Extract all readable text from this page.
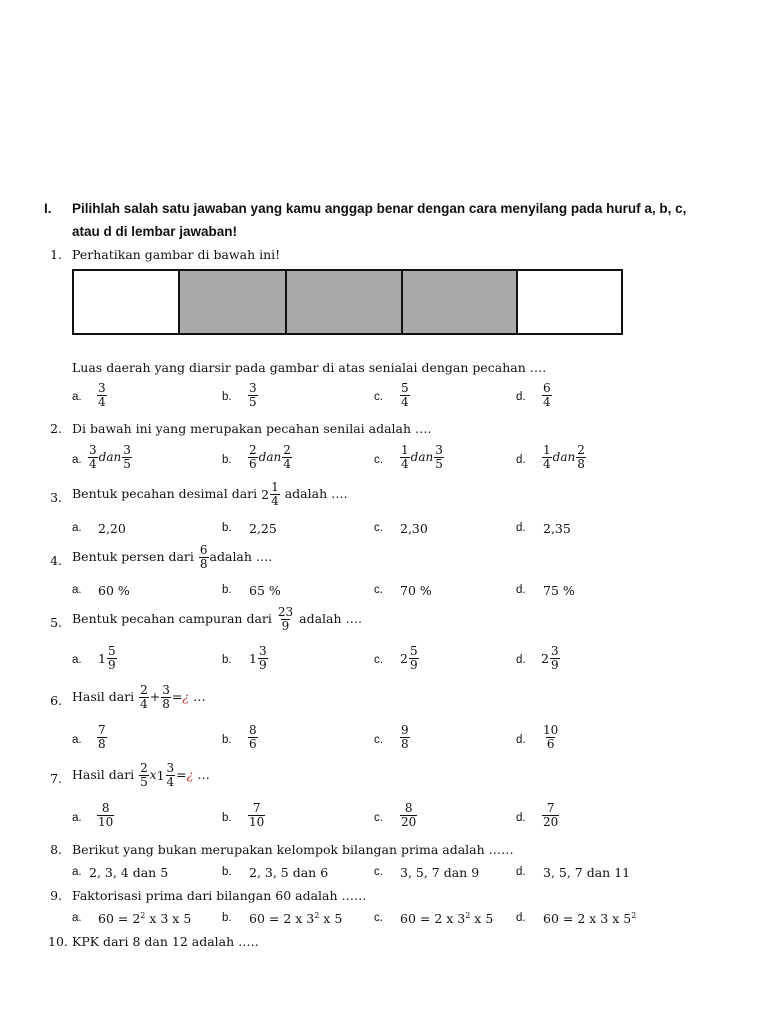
I. Pilihlah salah satu jawaban yang kamu anggap benar dengan cara menyilang pada huruf a, b, c,
atau d di lembar jawaban!
1. Perhatikan gambar di bawah ini!
Luas daerah yang diarsir pada gambar di atas senialai dengan pecahan ….
a. $\frac{3}{4}$	b. $\frac{3}{5}$	c. $\frac{5}{4}$	d. $\frac{6}{4}$
2. Di bawah ini yang merupakan pecahan senilai adalah ….
a. $\frac{3}{4}$ dan $\frac{3}{5}$	b. $\frac{2}{6}$ dan $\frac{2}{4}$	c. $\frac{1}{4}$ dan $\frac{3}{5}$	d. $\frac{1}{4}$ dan $\frac{2}{8}$
3. Bentuk pecahan desimal dari $2 \frac{1}{4}$ adalah ….
a. 2,20	b. 2,25	c. 2,30	d. 2,35
4. Bentuk persen dari $\frac{6}{8}$ adalah ….
a. 60 %	b. 65 %	c. 70 %	d. 75 %
5. Bentuk pecahan campuran dari $\frac{23}{9}$ adalah ….
a. $1 \frac{5}{9}$	b. $1 \frac{3}{9}$	c. $2 \frac{5}{9}$	d. $2 \frac{3}{9}$
6. Hasil dari $\frac{2}{4} + \frac{3}{8}$ =¿ …
a. $\frac{7}{8}$	b. $\frac{8}{6}$	c. $\frac{9}{8}$	d. $\frac{10}{6}$
7. Hasil dari $\frac{2}{5} x1 \frac{3}{4}$ =¿ …
a. $\frac{8}{10}$	b. $\frac{7}{10}$	c. $\frac{8}{20}$	d. $\frac{7}{20}$
8. Berikut yang bukan merupakan kelompok bilangan prima adalah ……
a. 2, 3, 4 dan 5	b. 2, 3, 5 dan 6	c. 3, 5, 7 dan 9	d. 3, 5, 7 dan 11
9. Faktorisasi prima dari bilangan 60 adalah ……
a. $60 = 2^2$ x 3 x 5	b. 60 = 2 x $3^2$ x 5	c. 60 = 2 x $3^2$ x 5 d. 60 = 2 x 3 x $5^2$
10. KPK dari 8 dan 12 adalah …..
